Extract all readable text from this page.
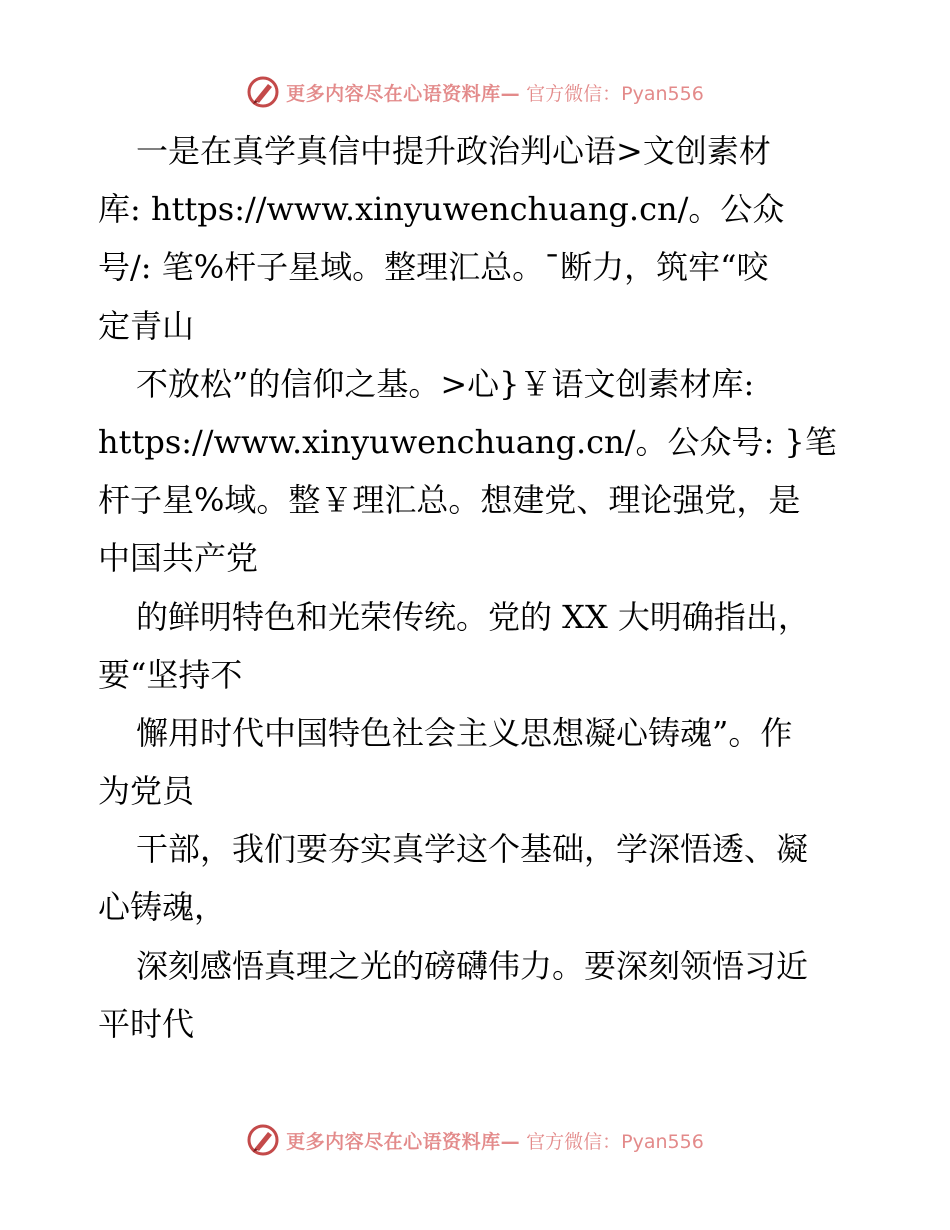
更多内容尽在心语资料库— 官方微信：Pyan556
一是在真学真信中提升政治判心语>文创素材
库: https://www.xinyuwenchuang.cn/。公众
号/: 笔%杆子星域。整理汇总。¯断力，筑牢“咬
定青山
不放松”的信仰之基。>心}￥语文创素材库:
https://www.xinyuwenchuang.cn/。公众号: }笔
杆子星%域。整￥理汇总。想建党、理论强党，是
中国共产党
的鲜明特色和光荣传统。党的 XX 大明确指出，
要“坚持不
懈用时代中国特色社会主义思想凝心铸魂”。作
为党员
干部，我们要夯实真学这个基础，学深悟透、凝
心铸魂，
深刻感悟真理之光的磅礴伟力。要深刻领悟习近
平时代
更多内容尽在心语资料库— 官方微信：Pyan556
